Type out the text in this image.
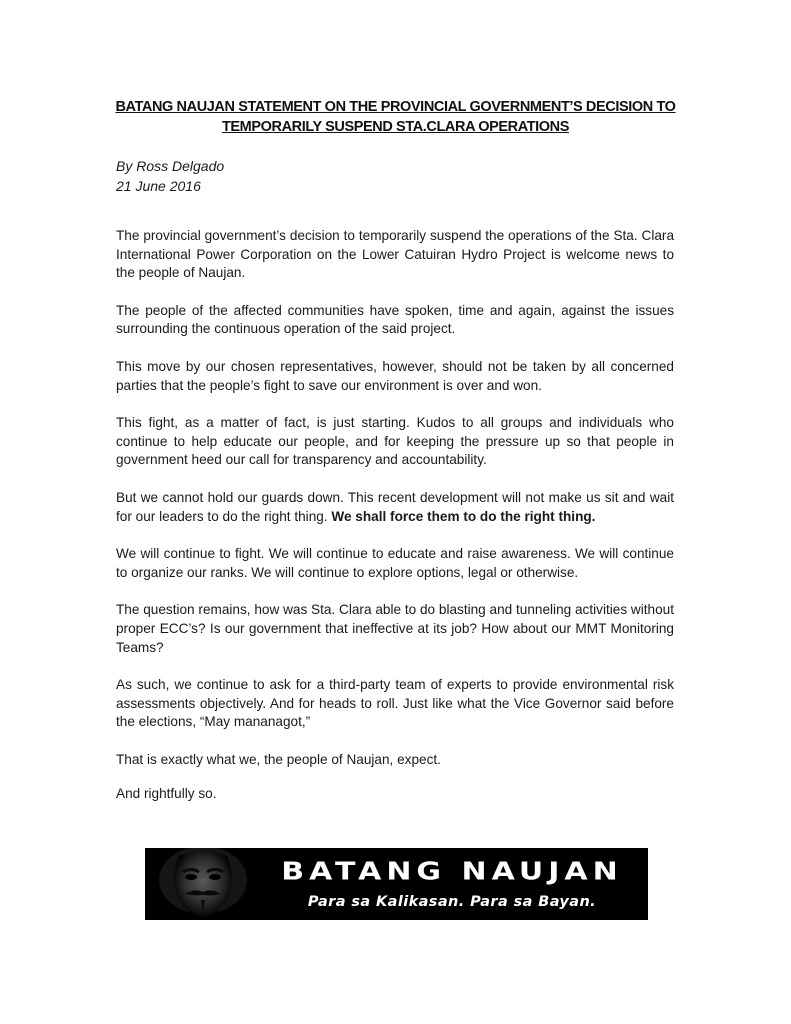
BATANG NAUJAN STATEMENT ON THE PROVINCIAL GOVERNMENT’S DECISION TO
TEMPORARILY SUSPEND STA.CLARA OPERATIONS
By Ross Delgado
21 June 2016

The provincial government’s decision to temporarily suspend the operations of the Sta. Clara International Power Corporation on the Lower Catuiran Hydro Project is welcome news to the people of Naujan.

The people of the affected communities have spoken, time and again, against the issues surrounding the continuous operation of the said project.

This move by our chosen representatives, however, should not be taken by all concerned parties that the people’s fight to save our environment is over and won.

This fight, as a matter of fact, is just starting. Kudos to all groups and individuals who continue to help educate our people, and for keeping the pressure up so that people in government heed our call for transparency and accountability.

But we cannot hold our guards down. This recent development will not make us sit and wait for our leaders to do the right thing. We shall force them to do the right thing.

We will continue to fight. We will continue to educate and raise awareness. We will continue to organize our ranks. We will continue to explore options, legal or otherwise.

The question remains, how was Sta. Clara able to do blasting and tunneling activities without proper ECC’s? Is our government that ineffective at its job? How about our MMT Monitoring Teams?

As such, we continue to ask for a third-party team of experts to provide environmental risk assessments objectively. And for heads to roll. Just like what the Vice Governor said before the elections, “May mananagot,”

That is exactly what we, the people of Naujan, expect.

And rightfully so.

BATANG NAUJAN
Para sa Kalikasan. Para sa Bayan.
